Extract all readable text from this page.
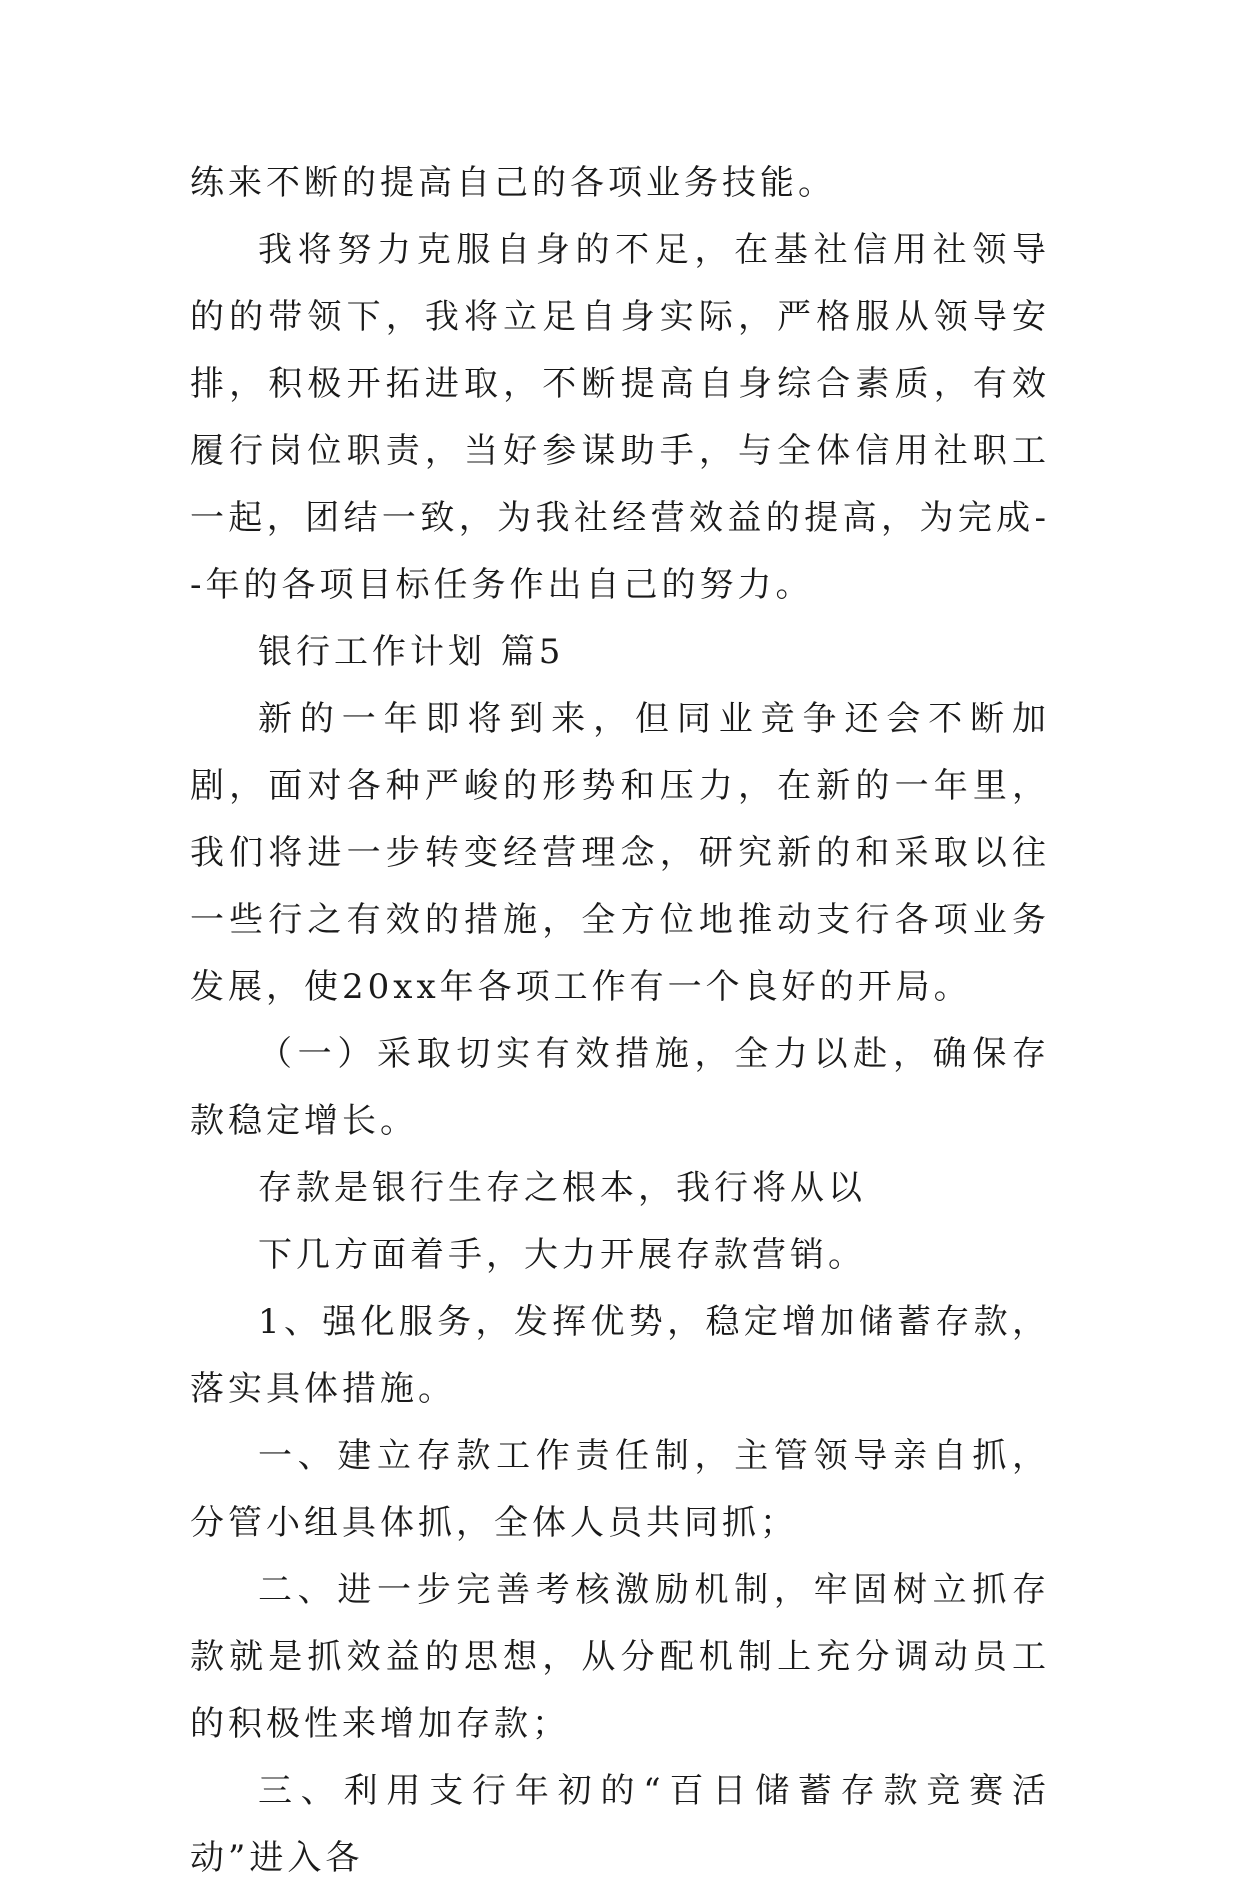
练来不断的提高自己的各项业务技能。

我将努力克服自身的不足，在基社信用社领导的的带领下，我将立足自身实际，严格服从领导安排，积极开拓进取，不断提高自身综合素质，有效履行岗位职责，当好参谋助手，与全体信用社职工一起，团结一致，为我社经营效益的提高，为完成--年的各项目标任务作出自己的努力。

银行工作计划 篇5

新的一年即将到来，但同业竞争还会不断加剧，面对各种严峻的形势和压力，在新的一年里，我们将进一步转变经营理念，研究新的和采取以往一些行之有效的措施，全方位地推动支行各项业务发展，使20xx年各项工作有一个良好的开局。

（一）采取切实有效措施，全力以赴，确保存款稳定增长。

存款是银行生存之根本，我行将从以

下几方面着手，大力开展存款营销。

1、强化服务，发挥优势，稳定增加储蓄存款，落实具体措施。

一、建立存款工作责任制，主管领导亲自抓，分管小组具体抓，全体人员共同抓；

二、进一步完善考核激励机制，牢固树立抓存款就是抓效益的思想，从分配机制上充分调动员工的积极性来增加存款；

三、利用支行年初的“百日储蓄存款竞赛活动”进入各
